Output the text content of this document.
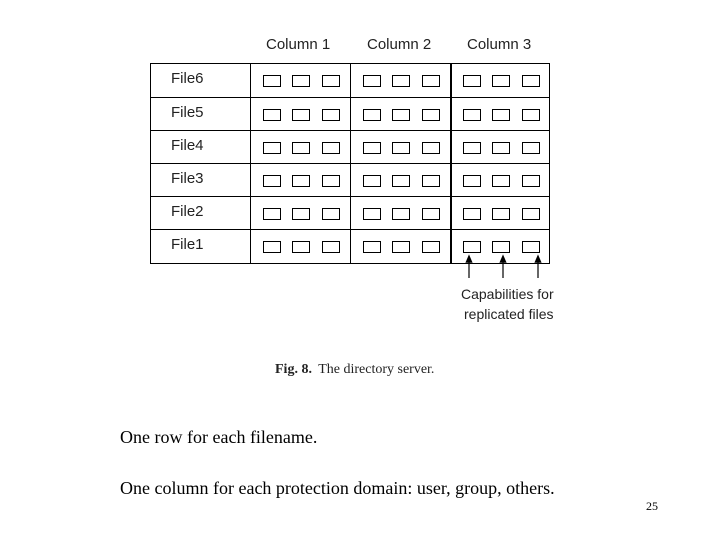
Column 1 Column 2 Column 3
File6
File5
File4
File3
File2
File1
Capabilities for
replicated files
Fig. 8. The directory server.
One row for each filename.
One column for each protection domain: user, group, others.
25
